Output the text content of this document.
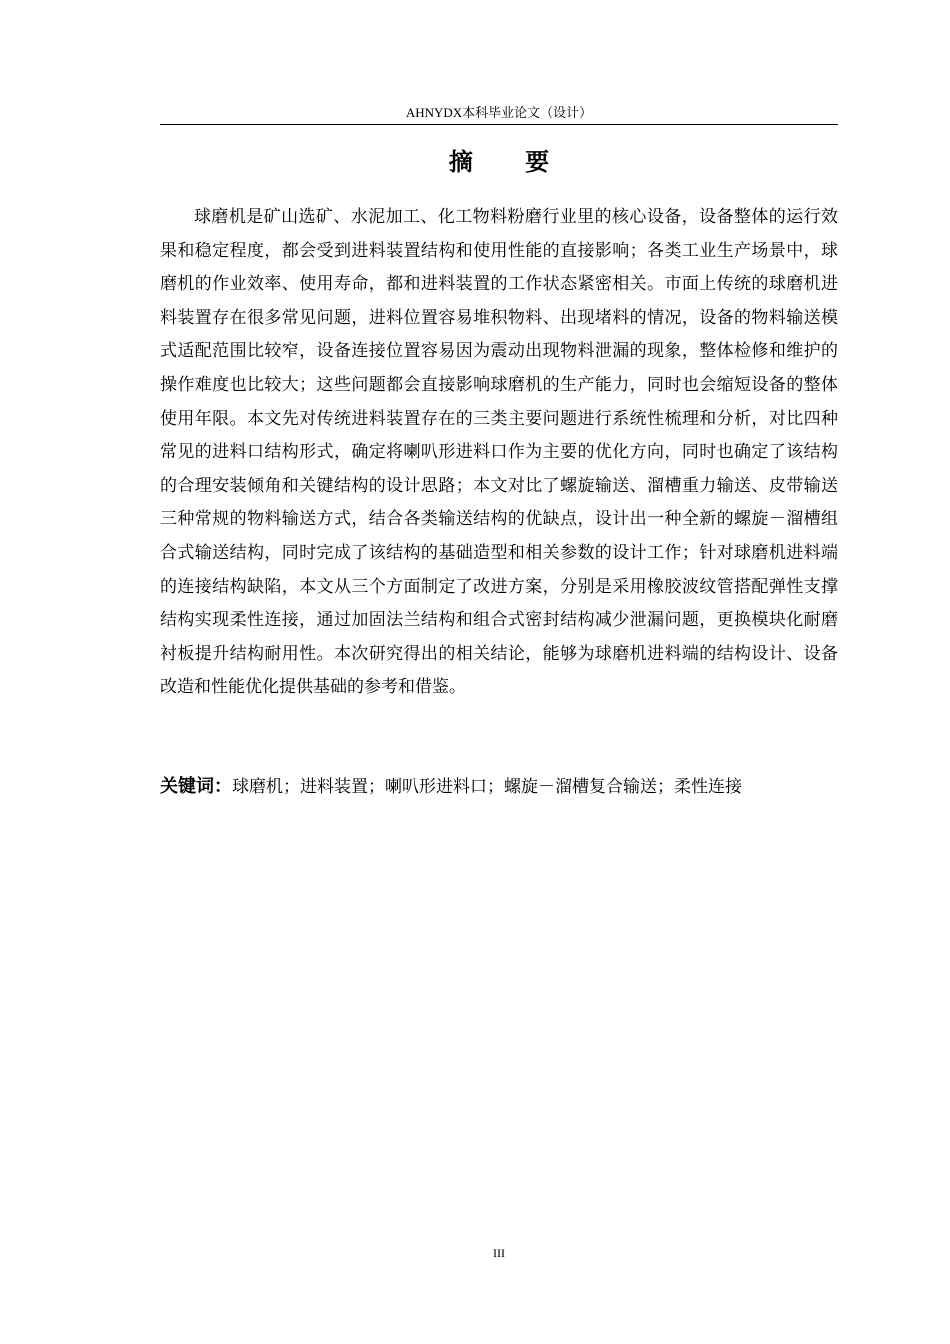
AHNYDX本科毕业论文（设计）
摘 要

球磨机是矿山选矿、水泥加工、化工物料粉磨行业里的核心设备，设备整体的运行效果和稳定程度，都会受到进料装置结构和使用性能的直接影响；各类工业生产场景中，球磨机的作业效率、使用寿命，都和进料装置的工作状态紧密相关。市面上传统的球磨机进料装置存在很多常见问题，进料位置容易堆积物料、出现堵料的情况，设备的物料输送模式适配范围比较窄，设备连接位置容易因为震动出现物料泄漏的现象，整体检修和维护的操作难度也比较大；这些问题都会直接影响球磨机的生产能力，同时也会缩短设备的整体使用年限。本文先对传统进料装置存在的三类主要问题进行系统性梳理和分析，对比四种常见的进料口结构形式，确定将喇叭形进料口作为主要的优化方向，同时也确定了该结构的合理安装倾角和关键结构的设计思路；本文对比了螺旋输送、溜槽重力输送、皮带输送三种常规的物料输送方式，结合各类输送结构的优缺点，设计出一种全新的螺旋－溜槽组合式输送结构，同时完成了该结构的基础造型和相关参数的设计工作；针对球磨机进料端的连接结构缺陷，本文从三个方面制定了改进方案，分别是采用橡胶波纹管搭配弹性支撑结构实现柔性连接，通过加固法兰结构和组合式密封结构减少泄漏问题，更换模块化耐磨衬板提升结构耐用性。本次研究得出的相关结论，能够为球磨机进料端的结构设计、设备改造和性能优化提供基础的参考和借鉴。

关键词：球磨机；进料装置；喇叭形进料口；螺旋－溜槽复合输送；柔性连接
III
